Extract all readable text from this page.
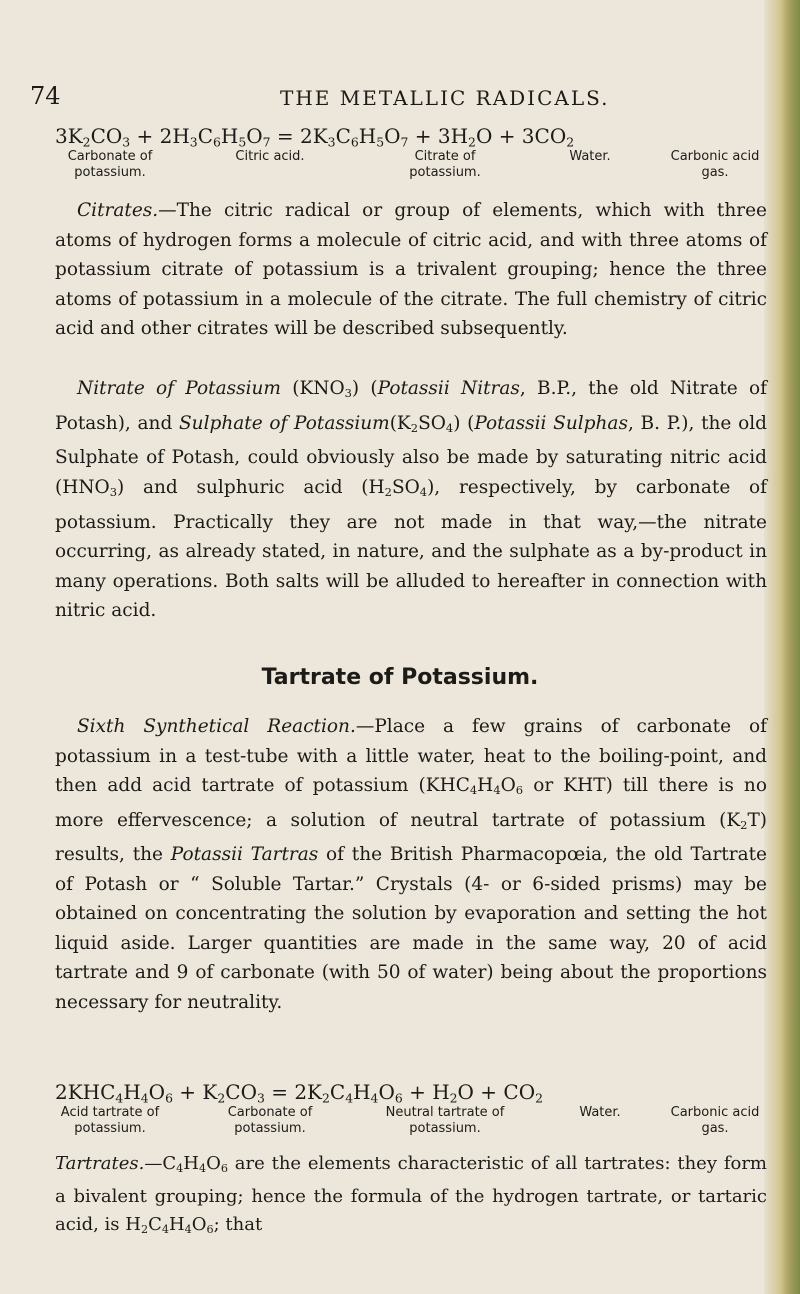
74	THE METALLIC RADICALS.
$3K_2CO_3 + 2H_3C_6H_5O_7 = 2K_3C_6H_5O_7 + 3H_2O + 3CO_2$
Carbonate of potassium.
Citric acid.	Citrate of potassium.
Water.	Carbonic acid gas.

Citrates.—The citric radical or group of elements, which with three atoms of hydrogen forms a molecule of citric acid, and with three atoms of potassium citrate of potassium is a trivalent grouping; hence the three atoms of potassium in a molecule of the citrate. The full chemistry of citric acid and other citrates will be described subsequently.

Nitrate of Potassium $(KNO_3)$ (Potassii Nitras, B.P., the old Nitrate of Potash), and Sulphate of $Potassium(K_2SO_4)$ (Potassii Sulphas, B. P.), the old Sulphate of Potash, could obviously also be made by saturating nitric acid $(HNO_3)$ and sulphuric acid $(H_2SO_4)$, respectively, by carbonate of potassium. Practically they are not made in that way,—the nitrate occurring, as already stated, in nature, and the sulphate as a by-product in many operations. Both salts will be alluded to hereafter in connection with nitric acid.

Tartrate of Potassium.

Sixth Synthetical Reaction.—Place a few grains of carbonate of potassium in a test-tube with a little water, heat to the boiling-point, and then add acid tartrate of potassium ($KHC_4H_4O_6$ or KHT) till there is no more effervescence; a solution of neutral tartrate of potassium $(K_2T)$ results, the Potassii Tartras of the British Pharmacopœia, the old Tartrate of Potash or “ Soluble Tartar.” Crystals (4- or 6-sided prisms) may be obtained on concentrating the solution by evaporation and setting the hot liquid aside. Larger quantities are made in the same way, 20 of acid tartrate and 9 of carbonate (with 50 of water) being about the proportions necessary for neutrality.

$2KHC_4H_4O_6 + K_2CO_3 = 2K_2C_4H_4O_6 + H_2O + CO_2$
Acid tartrate of potassium.
Carbonate of potassium.
Neutral tartrate of potassium.
Water.	Carbonic acid gas.

$Tartrates.—C_4H_4O_6$ are the elements characteristic of all tartrates: they form a bivalent grouping; hence the formula of the hydrogen tartrate, or tartaric acid, is $H_2C_4H_4O_6$; that
